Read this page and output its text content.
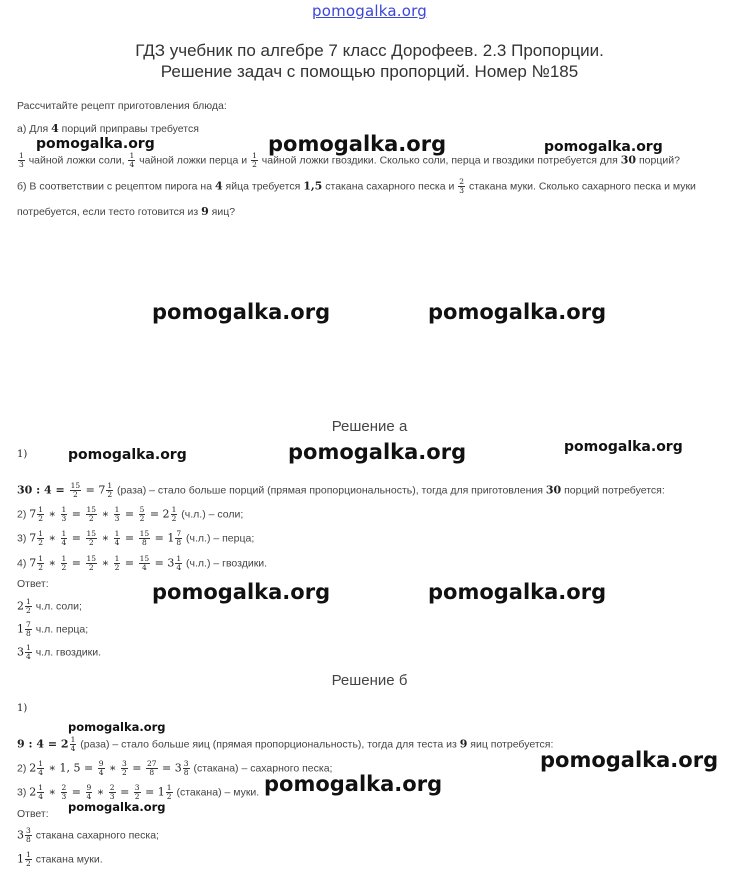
pomogalka.org
ГДЗ учебник по алгебре 7 класс Дорофеев. 2.3 Пропорции.
Решение задач с помощью пропорций. Номер №185
Рассчитайте рецепт приготовления блюда:
а) Для 4 порций приправы требуется
$\frac{1}{3}$ чайной ложки соли, $\frac{1}{4}$ чайной ложки перца и $\frac{1}{2}$ чайной ложки гвоздики. Сколько соли, перца и гвоздики потребуется для 30 порций?
б) В соответствии с рецептом пирога на 4 яйца требуется 1,5 стакана сахарного песка и $\frac{2}{3}$ стакана муки. Сколько сахарного песка и муки
потребуется, если тесто готовится из 9 яиц?
Решение а
1)
30 : $4 = \frac{15}{2} = 7 \frac{1}{2}$ (раза) – стало больше порций (прямая пропорциональность), тогда для приготовления 30 порций потребуется:
2) $7 \frac{1}{2}$ ∗ $\frac{1}{3} = \frac{15}{2}$ ∗ $\frac{1}{3} = \frac{5}{2} = 2 \frac{1}{2} (ч.л.)$ – соли;
3) $7 \frac{1}{2}$ ∗ $\frac{1}{4} = \frac{15}{2}$ ∗ $\frac{1}{4} = \frac{15}{8} = 1 \frac{7}{8} (ч.л.)$ – перца;
4) $7 \frac{1}{2}$ ∗ $\frac{1}{2} = \frac{15}{2}$ ∗ $\frac{1}{2} = \frac{15}{4} = 3 \frac{1}{4} (ч.л.)$ – гвоздики.
Ответ:
$2 \frac{1}{2} ч.л$. соли;
$1 \frac{7}{8} ч.л$. перца;
$3 \frac{1}{4} ч.л$. гвоздики.
Решение б
1)
9 : $4 = 2 \frac{1}{4}$ (раза) – стало больше яиц (прямая пропорциональность), тогда для теста из 9 яиц потребуется:
2) $2 \frac{1}{4}$ ∗ 1, $5 = \frac{9}{4}$ ∗ $\frac{3}{2} = \frac{27}{8} = 3 \frac{3}{8}$ (стакана) – сахарного песка;
3) $2 \frac{1}{4}$ ∗ $\frac{2}{3} = \frac{9}{4}$ ∗ $\frac{2}{3} = \frac{3}{2} = 1 \frac{1}{2}$ (стакана) – муки.
Ответ:
$3 \frac{3}{8}$ стакана сахарного песка;
$1 \frac{1}{2}$ стакана муки.
pomogalka.org	pomogalka.org	pomogalka.org
pomogalka.org	pomogalka.org
pomogalka.org	pomogalka.org	pomogalka.org
pomogalka.org	pomogalka.org
pomogalka.org
pomogalka.org
pomogalka.org
pomogalka.org
